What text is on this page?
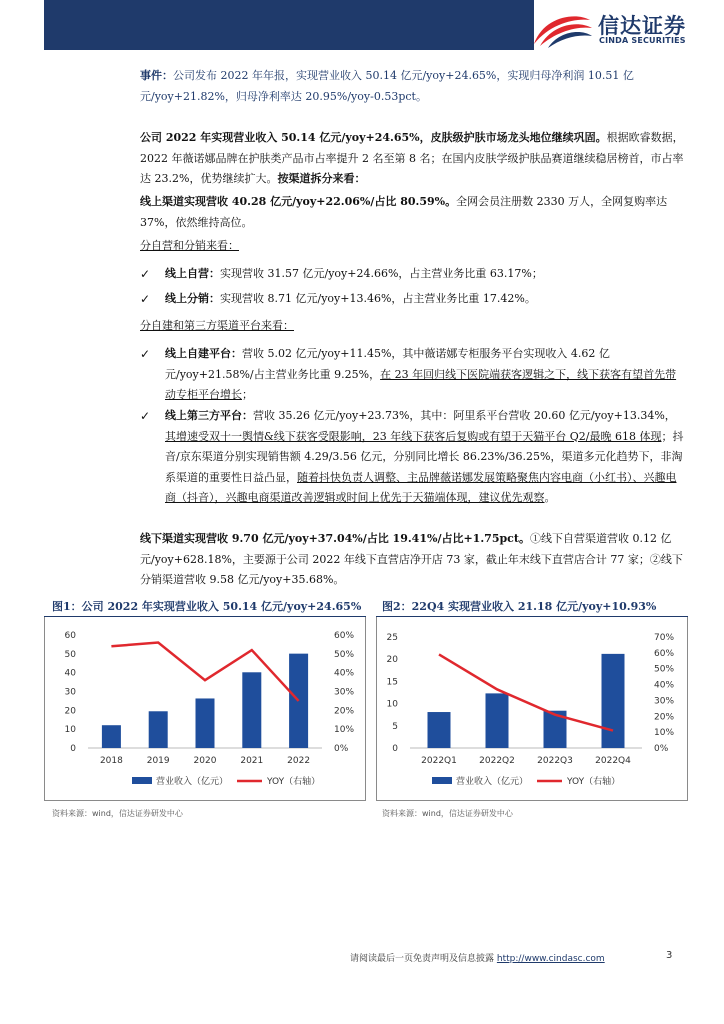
信达证券
CINDA SECURITIES
事件：公司发布 2022 年年报，实现营业收入 50.14 亿元/yoy+24.65%，实现归母净利润 10.51 亿元/yoy+21.82%，归母净利率达 20.95%/yoy-0.53pct。
公司 2022 年实现营业收入 50.14 亿元/yoy+24.65%，皮肤级护肤市场龙头地位继续巩固。根据欧睿数据，2022 年薇诺娜品牌在护肤类产品市占率提升 2 名至第 8 名；在国内皮肤学级护肤品赛道继续稳居榜首，市占率达 23.2%，优势继续扩大。按渠道拆分来看：
线上渠道实现营收 40.28 亿元/yoy+22.06%/占比 80.59%。全网会员注册数 2330 万人，全网复购率达 37%，依然维持高位。
分自营和分销来看：
✓ 线上自营：实现营收 31.57 亿元/yoy+24.66%，占主营业务比重 63.17%；
✓ 线上分销：实现营收 8.71 亿元/yoy+13.46%，占主营业务比重 17.42%。
分自建和第三方渠道平台来看：
✓ 线上自建平台：营收 5.02 亿元/yoy+11.45%，其中薇诺娜专柜服务平台实现收入 4.62 亿元/yoy+21.58%/占主营业务比重 9.25%，在 23 年回归线下医院端获客逻辑之下，线下获客有望首先带动专柜平台增长；
✓ 线上第三方平台：营收 35.26 亿元/yoy+23.73%，其中：阿里系平台营收 20.60 亿元/yoy+13.34%，其增速受双十一舆情&线下获客受限影响，23 年线下获客后复购或有望于天猫平台 Q2/最晚 618 体现；抖音/京东渠道分别实现销售额 4.29/3.56 亿元，分别同比增长 86.23%/36.25%，渠道多元化趋势下，非淘系渠道的重要性日益凸显，随着抖快负责人调整、主品牌薇诺娜发展策略聚焦内容电商（小红书）、兴趣电商（抖音），兴趣电商渠道改善逻辑或时间上优先于天猫端体现，建议优先观察。
线下渠道实现营收 9.70 亿元/yoy+37.04%/占比 19.41%/占比+1.75pct。①线下自营渠道营收 0.12 亿元/yoy+628.18%，主要源于公司 2022 年线下直营店净开店 73 家，截止年末线下直营店合计 77 家；②线下分销渠道营收 9.58 亿元/yoy+35.68%。
图1：公司 2022 年实现营业收入 50.14 亿元/yoy+24.65%
0
10
20
30
40
50
60
0%
10%
20%
30%
40%
50%
60%
2018	2019	2020	2021	2022
营业收入（亿元）	YOY（右轴）
资料来源：wind，信达证券研发中心
图2：22Q4 实现营业收入 21.18 亿元/yoy+10.93%
0
5
10
15
20
25
0%
10%
20%
30%
40%
50%
60%
70%
2022Q1 2022Q2 2022Q3 2022Q4
营业收入（亿元）	YOY（右轴）
资料来源：wind，信达证券研发中心
请阅读最后一页免责声明及信息披露 http://www.cindasc.com	3
